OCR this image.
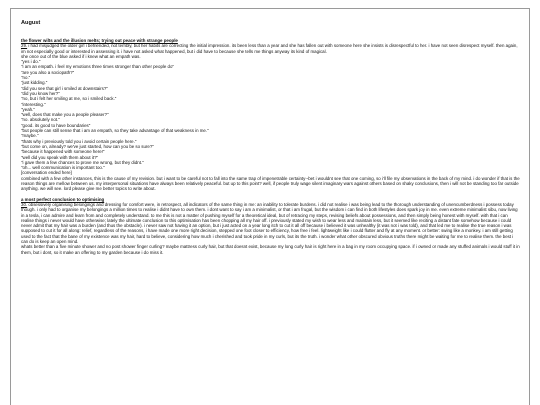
August

the flower wilts and the illusion melts; trying out peace with strange people

29. i had misjudged the older girl i befriended, not terribly, but her habits are correcting the initial impression. its been less than a year and she has fallen out with someone here she insists is disrespectful to her. i have not seen disrespect myself. then again, im not especially good or interested in assessing it. i have not asked what happened, but i did have to because she tells me things anyway its kind of magical.

she once out of the blue asked if i knew what an empath was.

"yes i do."

"i am an empath. i feel my emotions three times stronger than other people do"

"are you also a sociopath?"

"no."

"just kidding."

"did you see that girl i smiled at downstairs?"

"did you know her?"

"no, but i felt her smiling at me, so i smiled back."

"interesting."

"yeah."

"well, does that make you a people pleaser?"

"no. absolutely not."

"good. its good to have boundaries"

"but people can still sense that i am an empath, so they take advantage of that weakness in me."

"maybe."

"thats why i previously told you i avoid certain people here."

"but come on, already? we've just started, how can you be so sure?"

"because it happened with someone here!"

"well did you speak with them about it?"

"i gave them a few chances to prove me wrong, but they didnt."

"oh... well communication is important too."

[conversation ended here]

combined with a few other instances, this is the cause of my revision. but i want to be careful not to fall into the same trap of impenetrable certainty--bet i wouldnt see that one coming, so i'll file my observations in the back of my mind. i do wonder if that is the reason things are mellow between us. my interpersonal situations have always been relatively peaceful. but up to this point? well, if people truly wage silent imaginary wars against others based on shaky conclusions, then i will not be standing too far outside anything. we will see. lord please give me better topics to write about.

a most perfect conclusion to optimising

30. obsessively organising belongings and dressing for comfort were, in retrospect, all indicators of the same thing in me: an inability to tolerate burdens. i did not realise i was being lead to the thorough understanding of unencumberdness i possess today though. i only had to organise my belongings a million times to realise i didnt have to own them. i dont want to say i am a minimalist, or that i am frugal, but the wisdom i can find in both lifestyles does spark joy in me. even extreme minimalist sibu, now living in a tesla, i can admire and learn from and completely understand. to me this is not a matter of pushing myself for a theoretical ideal, but of retracing my steps, revising beliefs about possessions, and then simply being honest with myself. with that i can realise things i never would have otherwise; lately the ultimate conclusion to this optimisation has been chopping all my hair off. i previously stated my wish to wear less and maintain less, but it seemed like reciting a distant fate somehow because i could never admit that my hair was a burden (and thus the obstacle). i never saw not having it an option, but i just acted on a year long itch to cut it all off because i believed it was unhealthy (it was not i was told), and that led me to realise the true reason i was supposed to cut it for all along: relief, regardless of the reasons, i have made one more right decision, stepped one foot closer to efficiency, how free i feel. lightweight like i could flutter and fly at any moment. or better: swing like a monkey. i am still getting used to the fact that the bane of my existence was my hair, hard to believe, considering how much i cherished and took pride in my curls, but its the truth. i wonder what other obscured obvious truths there might be waiting for me to realise them. the best i can do is keep an open mind.

whats better than a five minute shower and no post shower finger curling? maybe mattress curly hair, but that doesnt exist, because my long curly hair is right here in a bag in my room occupying space. if i owned or made any stuffed animals i would stuff it in them, but i dont, so it make an offering to my garden because i do miss it.
